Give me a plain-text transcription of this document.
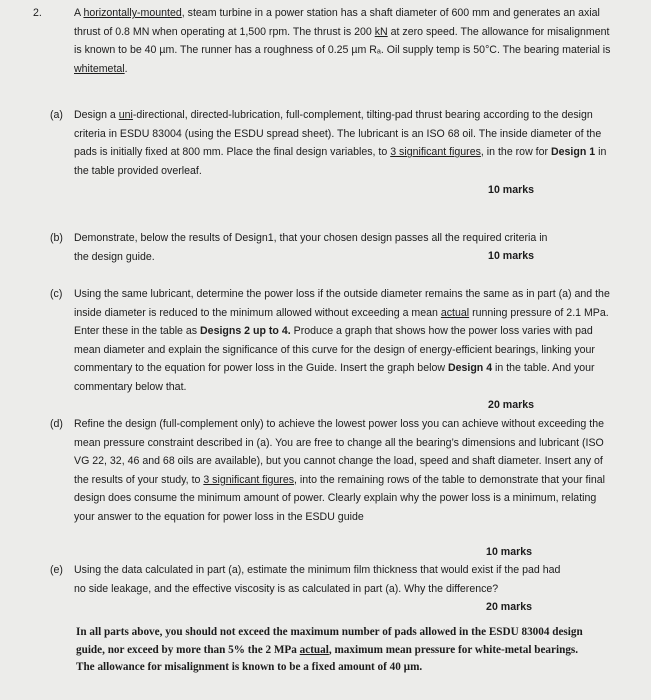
2.	A horizontally-mounted, steam turbine in a power station has a shaft diameter of 600 mm and generates an axial thrust of 0.8 MN when operating at 1,500 rpm. The thrust is 200 kN at zero speed. The allowance for misalignment is known to be 40 µm. The runner has a roughness of 0.25 µm Rₐ. Oil supply temp is 50°C. The bearing material is whitemetal.
(a) Design a uni-directional, directed-lubrication, full-complement, tilting-pad thrust bearing according to the design criteria in ESDU 83004 (using the ESDU spread sheet). The lubricant is an ISO 68 oil. The inside diameter of the pads is initially fixed at 800 mm. Place the final design variables, to 3 significant figures, in the row for Design 1 in the table provided overleaf.
10 marks
(b) Demonstrate, below the results of Design1, that your chosen design passes all the required criteria in the design guide.	10 marks
(c) Using the same lubricant, determine the power loss if the outside diameter remains the same as in part (a) and the inside diameter is reduced to the minimum allowed without exceeding a mean actual running pressure of 2.1 MPa. Enter these in the table as Designs 2 up to 4. Produce a graph that shows how the power loss varies with pad mean diameter and explain the significance of this curve for the design of energy-efficient bearings, linking your commentary to the equation for power loss in the Guide. Insert the graph below Design 4 in the table. And your commentary below that.
20 marks
(d) Refine the design (full-complement only) to achieve the lowest power loss you can achieve without exceeding the mean pressure constraint described in (a). You are free to change all the bearing’s dimensions and lubricant (ISO VG 22, 32, 46 and 68 oils are available), but you cannot change the load, speed and shaft diameter. Insert any of the results of your study, to 3 significant figures, into the remaining rows of the table to demonstrate that your final design does consume the minimum amount of power. Clearly explain why the power loss is a minimum, relating your answer to the equation for power loss in the ESDU guide
10 marks
(e) Using the data calculated in part (a), estimate the minimum film thickness that would exist if the pad had no side leakage, and the effective viscosity is as calculated in part (a). Why the difference?
20 marks
In all parts above, you should not exceed the maximum number of pads allowed in the ESDU 83004 design guide, nor exceed by more than 5% the 2 MPa actual, maximum mean pressure for white-metal bearings. The allowance for misalignment is known to be a fixed amount of 40 µm.
